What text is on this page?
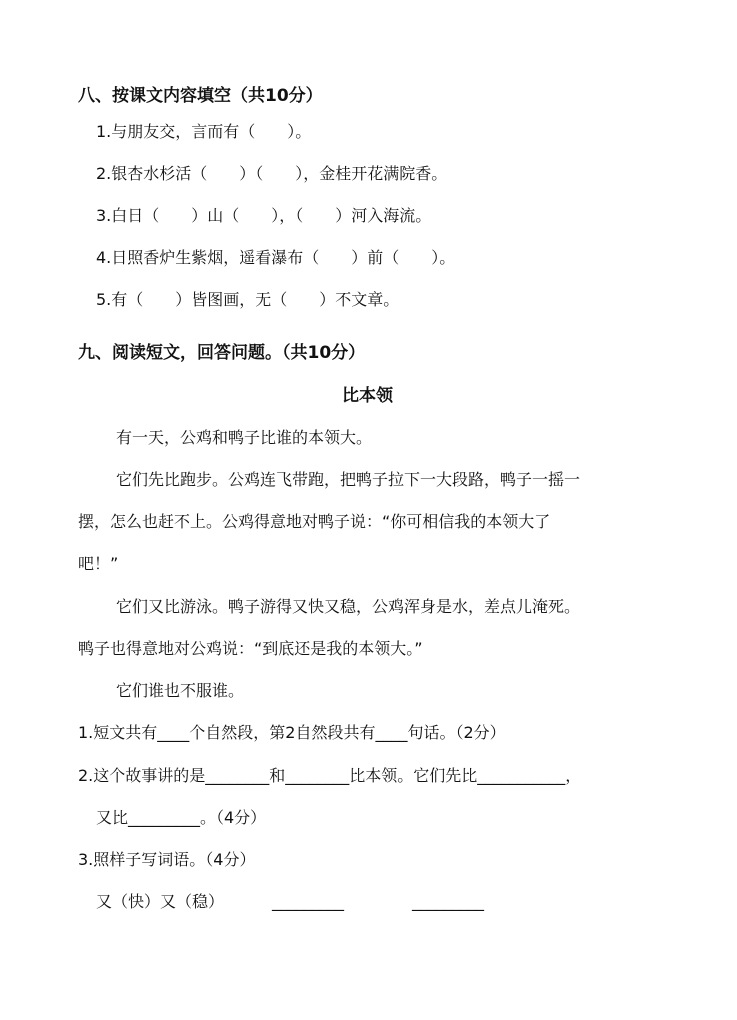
八、按课文内容填空（共10分）
1.与朋友交，言而有（　　）。
2.银杏水杉活（　　）（　　），金桂开花满院香。
3.白日（　　）山（　　），（　　）河入海流。
4.日照香炉生紫烟，遥看瀑布（　　）前（　　）。
5.有（　　）皆图画，无（　　）不文章。
九、阅读短文，回答问题。（共10分）
比本领
有一天，公鸡和鸭子比谁的本领大。
它们先比跑步。公鸡连飞带跑，把鸭子拉下一大段路，鸭子一摇一
摆，怎么也赶不上。公鸡得意地对鸭子说：“你可相信我的本领大了
吧！”
它们又比游泳。鸭子游得又快又稳，公鸡浑身是水，差点儿淹死。
鸭子也得意地对公鸡说：“到底还是我的本领大。”
它们谁也不服谁。
1.短文共有____个自然段，第2自然段共有____句话。（2分）
2.这个故事讲的是________和________比本领。它们先比___________，
又比_________。（4分）
3.照样子写词语。（4分）
又（快）又（稳）	_________	_________
